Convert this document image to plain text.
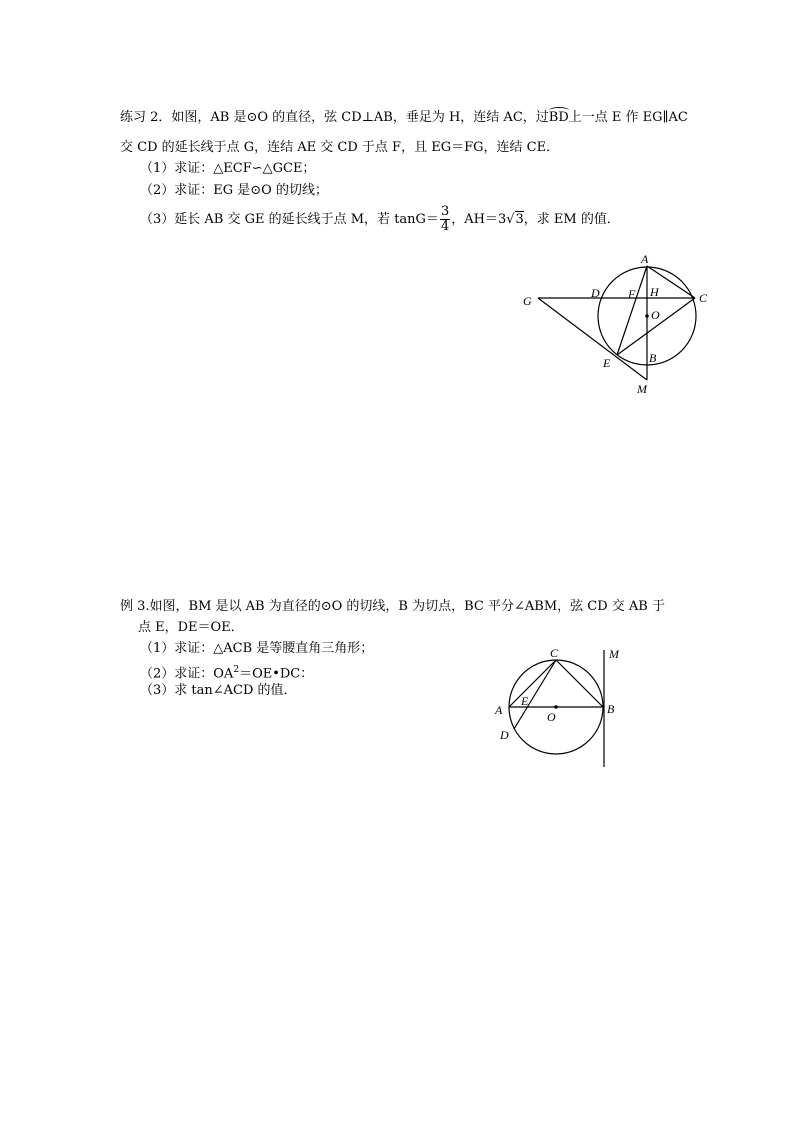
练习 2．如图，AB 是⊙O 的直径，弦 CD⊥AB，垂足为 H，连结 AC，过BD上一点 E 作 EG∥AC
交 CD 的延长线于点 G，连结 AE 交 CD 于点 F，且 EG＝FG，连结 CE．
（1）求证：△ECF∽△GCE；
（2）求证：EG 是⊙O 的切线；
（3）延长 AB 交 GE 的延长线于点 M，若 $\tan G= \frac{3}{4}$ ，AH＝3√3，求 EM 的值．
A
G
D F H	C
O
E	B
M
例 3.如图，BM 是以 AB 为直径的⊙O 的切线，B 为切点，BC 平分∠ABM，弦 CD 交 AB 于
点 E，DE＝OE．
（1）求证：△ACB 是等腰直角三角形；
（2）求证：$OA^2=OE•DC$：
（3）求 tan∠ACD 的值．
C	M
A
E
O
B
D
